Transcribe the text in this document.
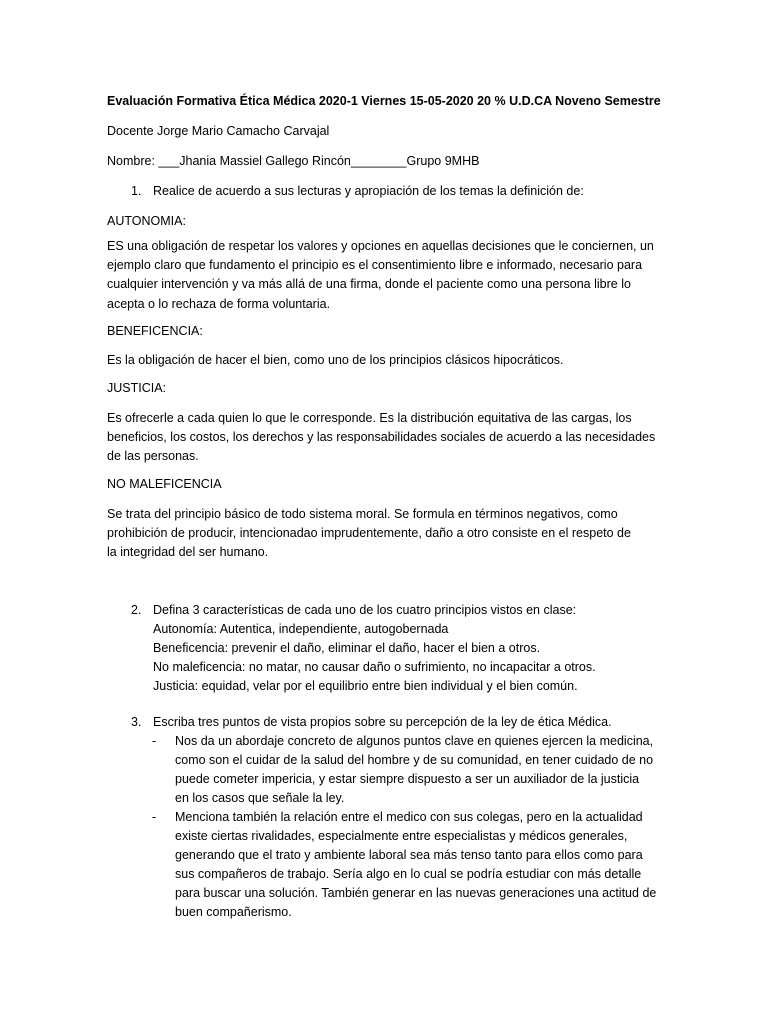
Evaluación Formativa Ética Médica 2020-1 Viernes 15-05-2020 20 % U.D.CA Noveno Semestre
Docente Jorge Mario Camacho Carvajal
Nombre: ___Jhania Massiel Gallego Rincón________Grupo 9MHB
1. Realice de acuerdo a sus lecturas y apropiación de los temas la definición de:
AUTONOMIA:
ES una obligación de respetar los valores y opciones en aquellas decisiones que le conciernen, un
ejemplo claro que fundamento el principio es el consentimiento libre e informado, necesario para
cualquier intervención y va más allá de una firma, donde el paciente como una persona libre lo
acepta o lo rechaza de forma voluntaria.
BENEFICENCIA:
Es la obligación de hacer el bien, como uno de los principios clásicos hipocráticos.
JUSTICIA:
Es ofrecerle a cada quien lo que le corresponde. Es la distribución equitativa de las cargas, los
beneficios, los costos, los derechos y las responsabilidades sociales de acuerdo a las necesidades
de las personas.
NO MALEFICENCIA
Se trata del principio básico de todo sistema moral. Se formula en términos negativos, como
prohibición de producir, intencionadao imprudentemente, daño a otro consiste en el respeto de
la integridad del ser humano.
2. Defina 3 características de cada uno de los cuatro principios vistos en clase:
Autonomía: Autentica, independiente, autogobernada
Beneficencia: prevenir el daño, eliminar el daño, hacer el bien a otros.
No maleficencia: no matar, no causar daño o sufrimiento, no incapacitar a otros.
Justicia: equidad, velar por el equilibrio entre bien individual y el bien común.
3. Escriba tres puntos de vista propios sobre su percepción de la ley de ética Médica.
- Nos da un abordaje concreto de algunos puntos clave en quienes ejercen la medicina,
como son el cuidar de la salud del hombre y de su comunidad, en tener cuidado de no
puede cometer impericia, y estar siempre dispuesto a ser un auxiliador de la justicia
en los casos que señale la ley.
- Menciona también la relación entre el medico con sus colegas, pero en la actualidad
existe ciertas rivalidades, especialmente entre especialistas y médicos generales,
generando que el trato y ambiente laboral sea más tenso tanto para ellos como para
sus compañeros de trabajo. Sería algo en lo cual se podría estudiar con más detalle
para buscar una solución. También generar en las nuevas generaciones una actitud de
buen compañerismo.
